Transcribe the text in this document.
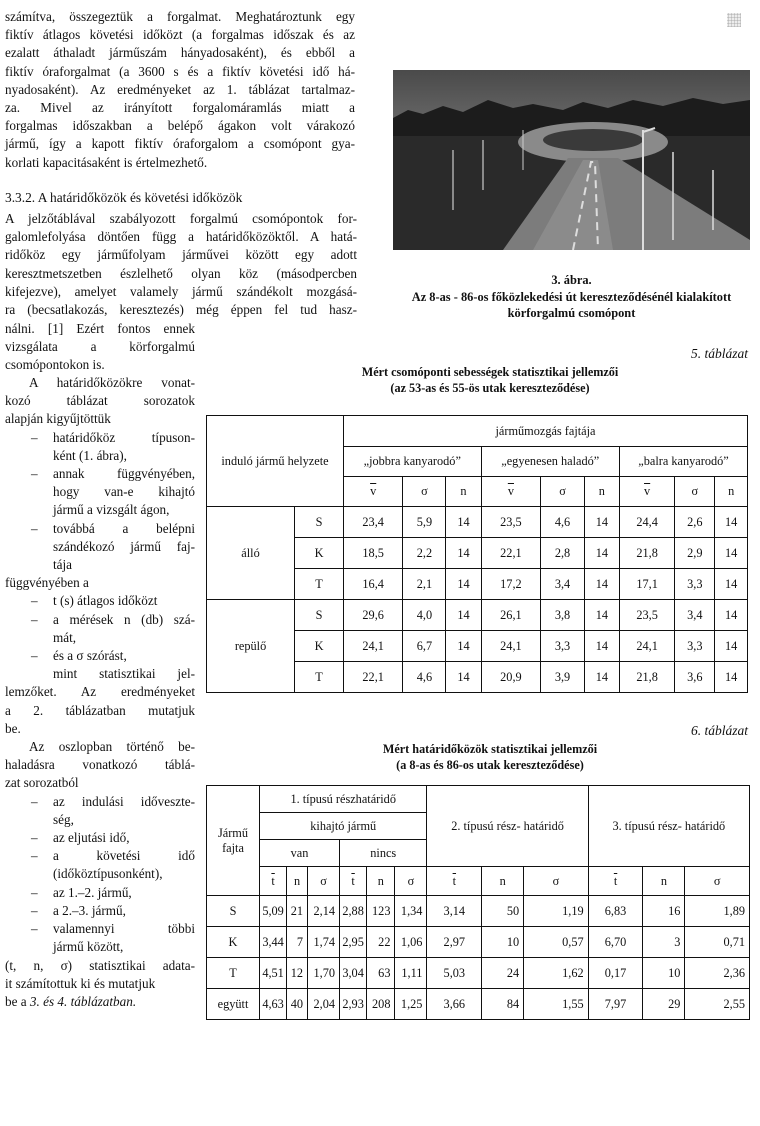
számítva, összegeztük a forgalmat. Meghatároztunk egy
fiktív átlagos követési időközt (a forgalmas időszak és az
ezalatt áthaladt járműszám hányadosaként), és ebből a
fiktív óraforgalmat (a 3600 s és a fiktív követési idő há-
nyadosaként). Az eredményeket az 1. táblázat tartalmaz-
za. Mivel az irányított forgalomáramlás miatt a
forgalmas időszakban a belépő ágakon volt várakozó
jármű, így a kapott fiktív óraforgalom a csomópont gya-
korlati kapacitásaként is értelmezhető.
3.3.2. A határidőközök és követési időközök
A jelzőtáblával szabályozott forgalmú csomópontok for-
galomlefolyása döntően függ a határidőközöktől. A hatá-
ridőköz egy járműfolyam járművei között egy adott
keresztmetszetben észlelhető olyan köz (másodpercben
kifejezve), amelyet valamely jármű szándékolt mozgásá-
ra (becsatlakozás, keresztezés) még éppen fel tud hasz-
nálni. [1] Ezért fontos ennek
vizsgálata a körforgalmú
csomópontokon is.
A határidőközökre vonat-
kozó táblázat sorozatok
alapján kigyűjtöttük
– határidőköz típuson-
ként (1. ábra),
– annak függvényében,
hogy van-e kihajtó
jármű a vizsgált ágon,
– továbbá a belépni
szándékozó jármű faj-
tája
függvényében a
– t (s) átlagos időközt
– a mérések n (db) szá-
mát,
– és a σ szórást,
mint statisztikai jel-
lemzőket. Az eredményeket
a 2. táblázatban mutatjuk
be.
Az oszlopban történő be-
haladásra vonatkozó táblá-
zat sorozatból
– az indulási időveszte-
ség,
– az eljutási idő,
– a követési idő
(időköztípusonként),
– az 1.–2. jármű,
– a 2.–3. jármű,
– valamennyi többi
jármű között,
(t, n, σ) statisztikai adata-
it számítottuk ki és mutatjuk
be a 3. és 4. táblázatban.
3. ábra.
Az 8-as - 86-os főközlekedési út kereszteződésénél kialakított
körforgalmú csomópont
5. táblázat
Mért csomóponti sebességek statisztikai jellemzői
(az 53-as és 55-ös utak kereszteződése)
induló jármű helyzete		járműmozgás fajtája								
		„jobbra kanyarodó”			„egyenesen haladó”			„balra kanyarodó”		
		$\overline{v}$	σ	n	$\overline{v}$	σ	n	$\overline{v}$	σ	n
álló	S	23,4	5,9	14	23,5	4,6	14	24,4	2,6	14
	K	18,5	2,2	14	22,1	2,8	14	21,8	2,9	14
	T	16,4	2,1	14	17,2	3,4	14	17,1	3,3	14
repülő	S	29,6	4,0	14	26,1	3,8	14	23,5	3,4	14
	K	24,1	6,7	14	24,1	3,3	14	24,1	3,3	14
	T	22,1	4,6	14	20,9	3,9	14	21,8	3,6	14
6. táblázat
Mért határidőközök statisztikai jellemzői
(a 8-as és 86-os utak kereszteződése)
Jármű fajta	1. típusú részhatáridő						2. típusú rész- határidő			3. típusú rész- határidő		
	kihajtó jármű											
	van			nincs								
	$\overline{t}$	n	σ	$\overline{t}$	n	σ	$\overline{t}$	n	σ	$\overline{t}$	n	σ
S	5,09	21	2,14	2,88	123	1,34	3,14	50	1,19	6,83	16	1,89
K	3,44	7	1,74	2,95	22	1,06	2,97	10	0,57	6,70	3	0,71
T	4,51	12	1,70	3,04	63	1,11	5,03	24	1,62	0,17	10	2,36
együtt	4,63	40	2,04	2,93	208	1,25	3,66	84	1,55	7,97	29	2,55
